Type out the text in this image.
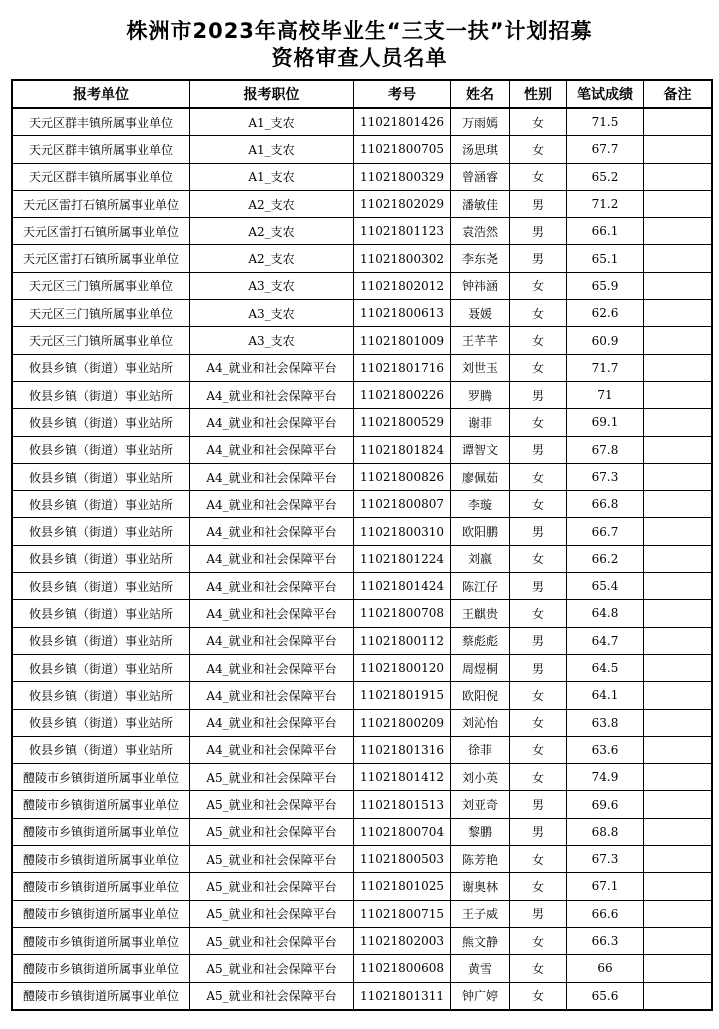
株洲市2023年高校毕业生“三支一扶”计划招募
资格审查人员名单
报考单位	报考职位	考号	姓名	性别	笔试成绩	备注
天元区群丰镇所属事业单位	A1_支农	11021801426	万雨嫣	女	71.5	
天元区群丰镇所属事业单位	A1_支农	11021800705	汤思琪	女	67.7	
天元区群丰镇所属事业单位	A1_支农	11021800329	曾涵睿	女	65.2	
天元区雷打石镇所属事业单位	A2_支农	11021802029	潘敏佳	男	71.2	
天元区雷打石镇所属事业单位	A2_支农	11021801123	袁浩然	男	66.1	
天元区雷打石镇所属事业单位	A2_支农	11021800302	李东尧	男	65.1	
天元区三门镇所属事业单位	A3_支农	11021802012	钟祎涵	女	65.9	
天元区三门镇所属事业单位	A3_支农	11021800613	聂媛	女	62.6	
天元区三门镇所属事业单位	A3_支农	11021801009	王芊芊	女	60.9	
攸县乡镇（街道）事业站所	A4_就业和社会保障平台	11021801716	刘世玉	女	71.7	
攸县乡镇（街道）事业站所	A4_就业和社会保障平台	11021800226	罗腾	男	71	
攸县乡镇（街道）事业站所	A4_就业和社会保障平台	11021800529	谢菲	女	69.1	
攸县乡镇（街道）事业站所	A4_就业和社会保障平台	11021801824	谭智文	男	67.8	
攸县乡镇（街道）事业站所	A4_就业和社会保障平台	11021800826	廖佩茹	女	67.3	
攸县乡镇（街道）事业站所	A4_就业和社会保障平台	11021800807	李璇	女	66.8	
攸县乡镇（街道）事业站所	A4_就业和社会保障平台	11021800310	欧阳鹏	男	66.7	
攸县乡镇（街道）事业站所	A4_就业和社会保障平台	11021801224	刘嬴	女	66.2	
攸县乡镇（街道）事业站所	A4_就业和社会保障平台	11021801424	陈江仔	男	65.4	
攸县乡镇（街道）事业站所	A4_就业和社会保障平台	11021800708	王麒贵	女	64.8	
攸县乡镇（街道）事业站所	A4_就业和社会保障平台	11021800112	蔡彪彪	男	64.7	
攸县乡镇（街道）事业站所	A4_就业和社会保障平台	11021800120	周煜桐	男	64.5	
攸县乡镇（街道）事业站所	A4_就业和社会保障平台	11021801915	欧阳倪	女	64.1	
攸县乡镇（街道）事业站所	A4_就业和社会保障平台	11021800209	刘沁怡	女	63.8	
攸县乡镇（街道）事业站所	A4_就业和社会保障平台	11021801316	徐菲	女	63.6	
醴陵市乡镇街道所属事业单位	A5_就业和社会保障平台	11021801412	刘小英	女	74.9	
醴陵市乡镇街道所属事业单位	A5_就业和社会保障平台	11021801513	刘亚奇	男	69.6	
醴陵市乡镇街道所属事业单位	A5_就业和社会保障平台	11021800704	黎鹏	男	68.8	
醴陵市乡镇街道所属事业单位	A5_就业和社会保障平台	11021800503	陈芳艳	女	67.3	
醴陵市乡镇街道所属事业单位	A5_就业和社会保障平台	11021801025	谢奥林	女	67.1	
醴陵市乡镇街道所属事业单位	A5_就业和社会保障平台	11021800715	王子威	男	66.6	
醴陵市乡镇街道所属事业单位	A5_就业和社会保障平台	11021802003	熊文静	女	66.3	
醴陵市乡镇街道所属事业单位	A5_就业和社会保障平台	11021800608	黄雪	女	66	
醴陵市乡镇街道所属事业单位	A5_就业和社会保障平台	11021801311	钟广婷	女	65.6	
